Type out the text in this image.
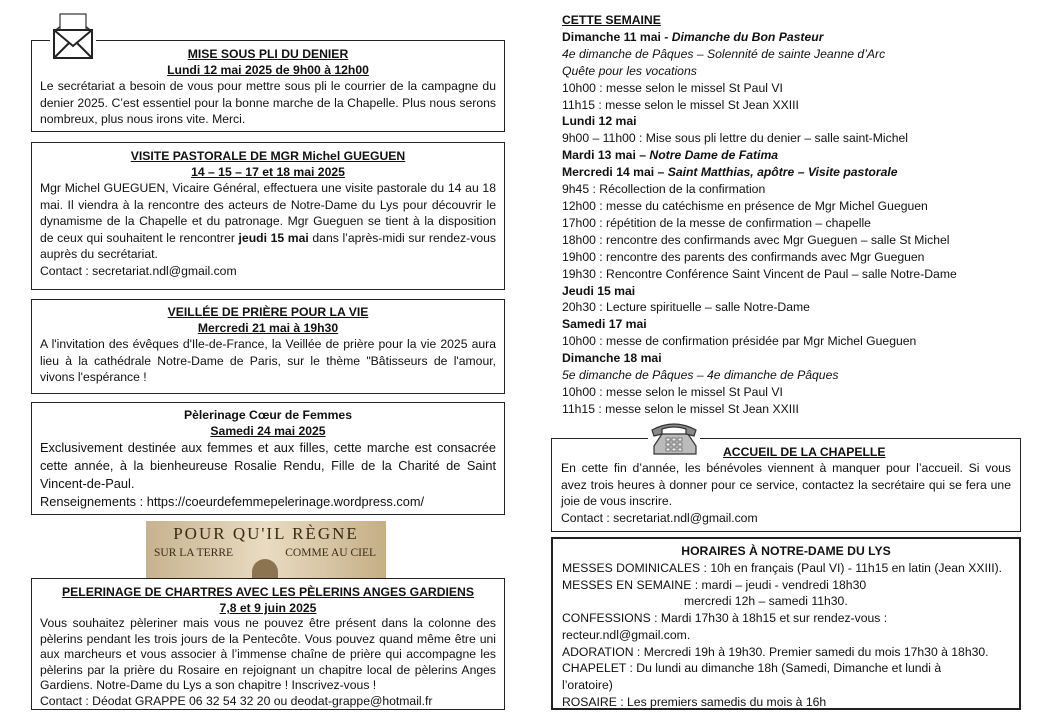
MISE SOUS PLI DU DENIER
Lundi 12 mai 2025 de 9h00 à 12h00

Le secrétariat a besoin de vous pour mettre sous pli le courrier de la campagne du denier 2025. C’est essentiel pour la bonne marche de la Chapelle. Plus nous serons nombreux, plus nous irons vite. Merci.

VISITE PASTORALE DE MGR Michel GUEGUEN
14 – 15 – 17 et 18 mai 2025

Mgr Michel GUEGUEN, Vicaire Général, effectuera une visite pastorale du 14 au 18 mai. Il viendra à la rencontre des acteurs de Notre-Dame du Lys pour découvrir le dynamisme de la Chapelle et du patronage. Mgr Gueguen se tient à la disposition de ceux qui souhaitent le rencontrer jeudi 15 mai dans l’après-midi sur rendez-vous auprès du secrétariat.

Contact : secretariat.ndl@gmail.com

VEILLÉE DE PRIÈRE POUR LA VIE
Mercredi 21 mai à 19h30

A l'invitation des évêques d'Ile-de-France, la Veillée de prière pour la vie 2025 aura lieu à la cathédrale Notre-Dame de Paris, sur le thème "Bâtisseurs de l'amour, vivons l'espérance !

Pèlerinage Cœur de Femmes
Samedi 24 mai 2025

Exclusivement destinée aux femmes et aux filles, cette marche est consacrée cette année, à la bienheureuse Rosalie Rendu, Fille de la Charité de Saint Vincent-de-Paul.

Renseignements : https://coeurdefemmepelerinage.wordpress.com/

POUR QU'IL RÈGNE
SUR LA TERRE	COMME AU CIEL
PELERINAGE DE CHARTRES AVEC LES PÈLERINS ANGES GARDIENS
7,8 et 9 juin 2025

Vous souhaitez pèleriner mais vous ne pouvez être présent dans la colonne des pèlerins pendant les trois jours de la Pentecôte. Vous pouvez quand même être uni aux marcheurs et vous associer à l’immense chaîne de prière qui accompagne les pèlerins par la prière du Rosaire en rejoignant un chapitre local de pèlerins Anges Gardiens. Notre-Dame du Lys a son chapitre ! Inscrivez-vous !

Contact : Déodat GRAPPE 06 32 54 32 20 ou deodat-grappe@hotmail.fr

CETTE SEMAINE
Dimanche 11 mai - Dimanche du Bon Pasteur
4e dimanche de Pâques – Solennité de sainte Jeanne d’Arc
Quête pour les vocations
10h00 : messe selon le missel St Paul VI
11h15 : messe selon le missel St Jean XXIII
Lundi 12 mai
9h00 – 11h00 : Mise sous pli lettre du denier – salle saint-Michel
Mardi 13 mai – Notre Dame de Fatima
Mercredi 14 mai – Saint Matthias, apôtre – Visite pastorale
9h45 : Récollection de la confirmation
12h00 : messe du catéchisme en présence de Mgr Michel Gueguen
17h00 : répétition de la messe de confirmation – chapelle
18h00 : rencontre des confirmands avec Mgr Gueguen – salle St Michel
19h00 : rencontre des parents des confirmands avec Mgr Gueguen
19h30 : Rencontre Conférence Saint Vincent de Paul – salle Notre-Dame
Jeudi 15 mai
20h30 : Lecture spirituelle – salle Notre-Dame
Samedi 17 mai
10h00 : messe de confirmation présidée par Mgr Michel Gueguen
Dimanche 18 mai
5e dimanche de Pâques – 4e dimanche de Pâques
10h00 : messe selon le missel St Paul VI
11h15 : messe selon le missel St Jean XXIII
ACCUEIL DE LA CHAPELLE

En cette fin d’année, les bénévoles viennent à manquer pour l’accueil. Si vous avez trois heures à donner pour ce service, contactez la secrétaire qui se fera une joie de vous inscrire.

Contact : secretariat.ndl@gmail.com

HORAIRES À NOTRE-DAME DU LYS
MESSES DOMINICALES : 10h en français (Paul VI) - 11h15 en latin (Jean XXIII).
MESSES EN SEMAINE : mardi – jeudi - vendredi 18h30
mercredi 12h – samedi 11h30.
CONFESSIONS : Mardi 17h30 à 18h15 et sur rendez-vous :
recteur.ndl@gmail.com.
ADORATION : Mercredi 19h à 19h30. Premier samedi du mois 17h30 à 18h30.
CHAPELET : Du lundi au dimanche 18h (Samedi, Dimanche et lundi à
l’oratoire)
ROSAIRE : Les premiers samedis du mois à 16h
